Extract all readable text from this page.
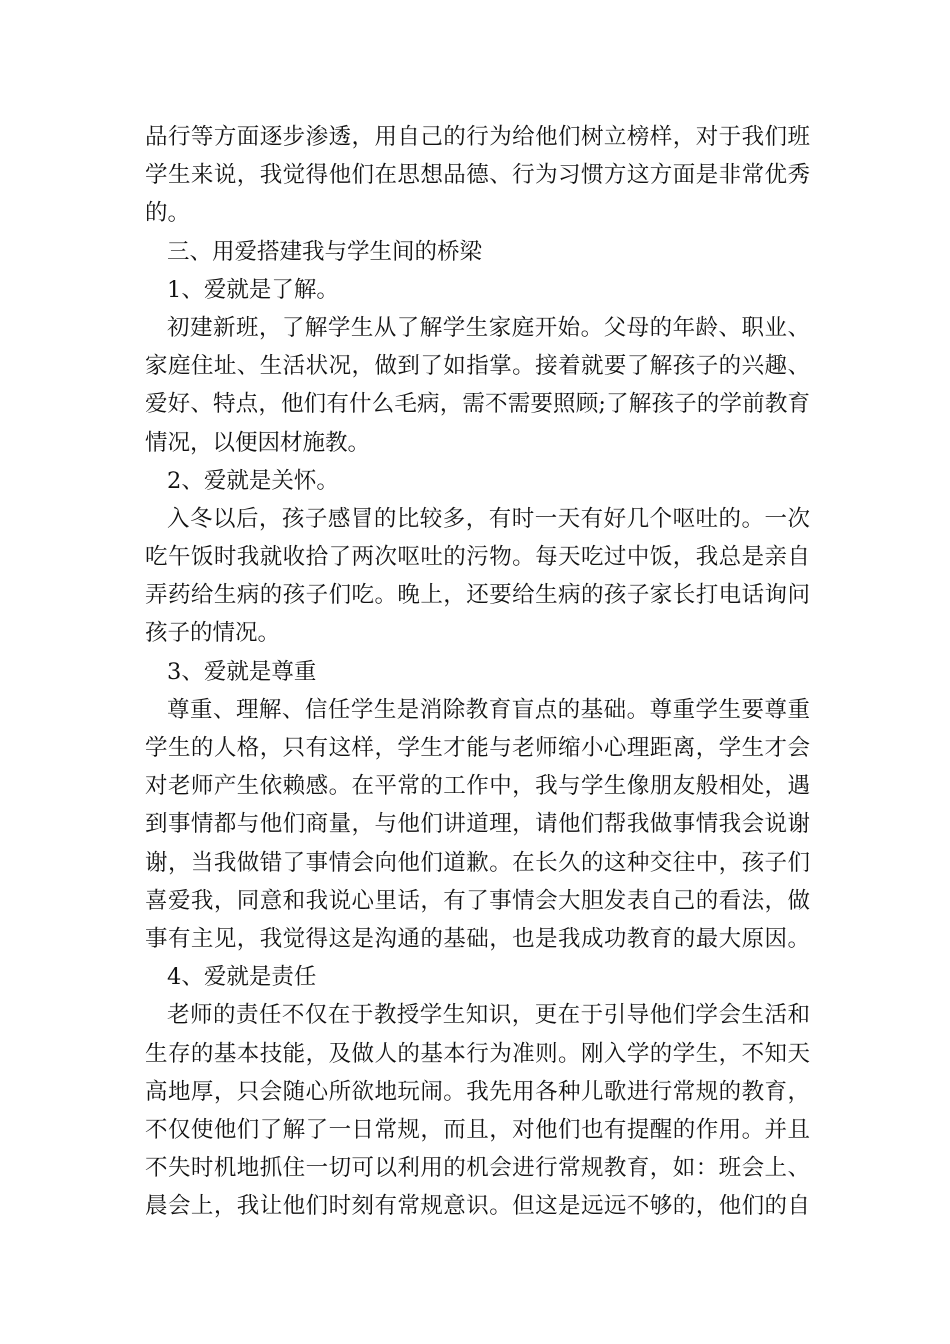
品行等方面逐步渗透，用自己的行为给他们树立榜样，对于我们班
学生来说，我觉得他们在思想品德、行为习惯方这方面是非常优秀
的。
三、用爱搭建我与学生间的桥梁
1、爱就是了解。
初建新班，了解学生从了解学生家庭开始。父母的年龄、职业、
家庭住址、生活状况，做到了如指掌。接着就要了解孩子的兴趣、
爱好、特点，他们有什么毛病，需不需要照顾;了解孩子的学前教育
情况，以便因材施教。
2、爱就是关怀。
入冬以后，孩子感冒的比较多，有时一天有好几个呕吐的。一次
吃午饭时我就收拾了两次呕吐的污物。每天吃过中饭，我总是亲自
弄药给生病的孩子们吃。晚上，还要给生病的孩子家长打电话询问
孩子的情况。
3、爱就是尊重
尊重、理解、信任学生是消除教育盲点的基础。尊重学生要尊重
学生的人格，只有这样，学生才能与老师缩小心理距离，学生才会
对老师产生依赖感。在平常的工作中，我与学生像朋友般相处，遇
到事情都与他们商量，与他们讲道理，请他们帮我做事情我会说谢
谢，当我做错了事情会向他们道歉。在长久的这种交往中，孩子们
喜爱我，同意和我说心里话，有了事情会大胆发表自己的看法，做
事有主见，我觉得这是沟通的基础，也是我成功教育的最大原因。
4、爱就是责任
老师的责任不仅在于教授学生知识，更在于引导他们学会生活和
生存的基本技能，及做人的基本行为准则。刚入学的学生，不知天
高地厚，只会随心所欲地玩闹。我先用各种儿歌进行常规的教育，
不仅使他们了解了一日常规，而且，对他们也有提醒的作用。并且
不失时机地抓住一切可以利用的机会进行常规教育，如：班会上、
晨会上，我让他们时刻有常规意识。但这是远远不够的，他们的自
